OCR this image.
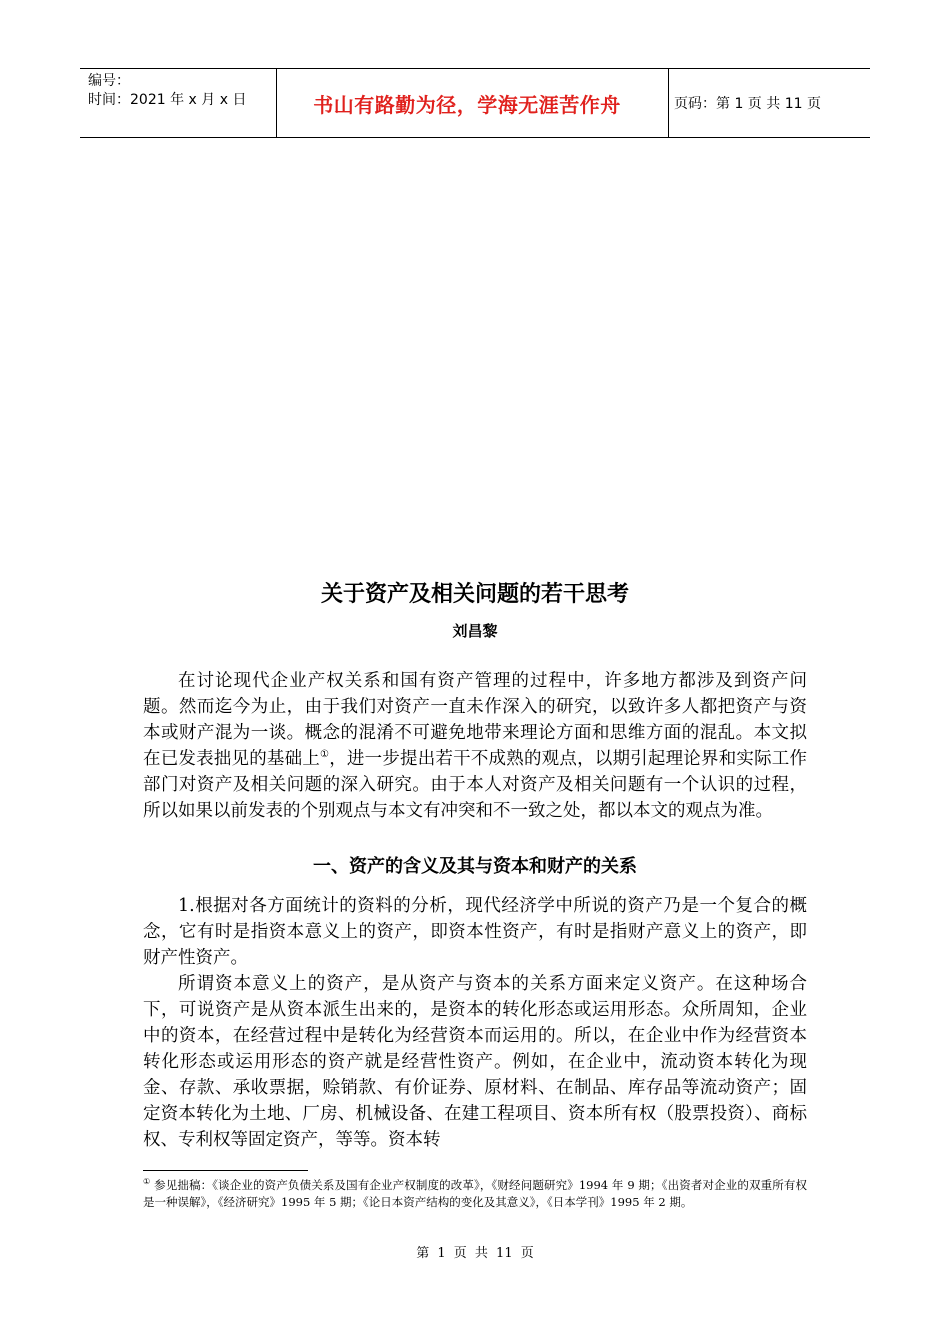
编号：
时间：2021 年 x 月 x 日	书山有路勤为径，学海无涯苦作舟	页码：第 1 页 共 11 页
关于资产及相关问题的若干思考
刘昌黎

在讨论现代企业产权关系和国有资产管理的过程中，许多地方都涉及到资产问题。然而迄今为止，由于我们对资产一直未作深入的研究，以致许多人都把资产与资本或财产混为一谈。概念的混淆不可避免地带来理论方面和思维方面的混乱。本文拟在已发表拙见的基础上①，进一步提出若干不成熟的观点，以期引起理论界和实际工作部门对资产及相关问题的深入研究。由于本人对资产及相关问题有一个认识的过程，所以如果以前发表的个别观点与本文有冲突和不一致之处，都以本文的观点为准。

一、资产的含义及其与资本和财产的关系

1.根据对各方面统计的资料的分析，现代经济学中所说的资产乃是一个复合的概念，它有时是指资本意义上的资产，即资本性资产，有时是指财产意义上的资产，即财产性资产。

所谓资本意义上的资产，是从资产与资本的关系方面来定义资产。在这种场合下，可说资产是从资本派生出来的，是资本的转化形态或运用形态。众所周知，企业中的资本，在经营过程中是转化为经营资本而运用的。所以，在企业中作为经营资本转化形态或运用形态的资产就是经营性资产。例如，在企业中，流动资本转化为现金、存款、承收票据，赊销款、有价证券、原材料、在制品、库存品等流动资产；固定资本转化为土地、厂房、机械设备、在建工程项目、资本所有权（股票投资）、商标权、专利权等固定资产，等等。资本转

① 参见拙稿：《谈企业的资产负债关系及国有企业产权制度的改革》，《财经问题研究》1994 年 9 期；《出资者对企业的双重所有权是一种误解》，《经济研究》1995 年 5 期；《论日本资产结构的变化及其意义》，《日本学刊》1995 年 2 期。
第 1 页 共 11 页
